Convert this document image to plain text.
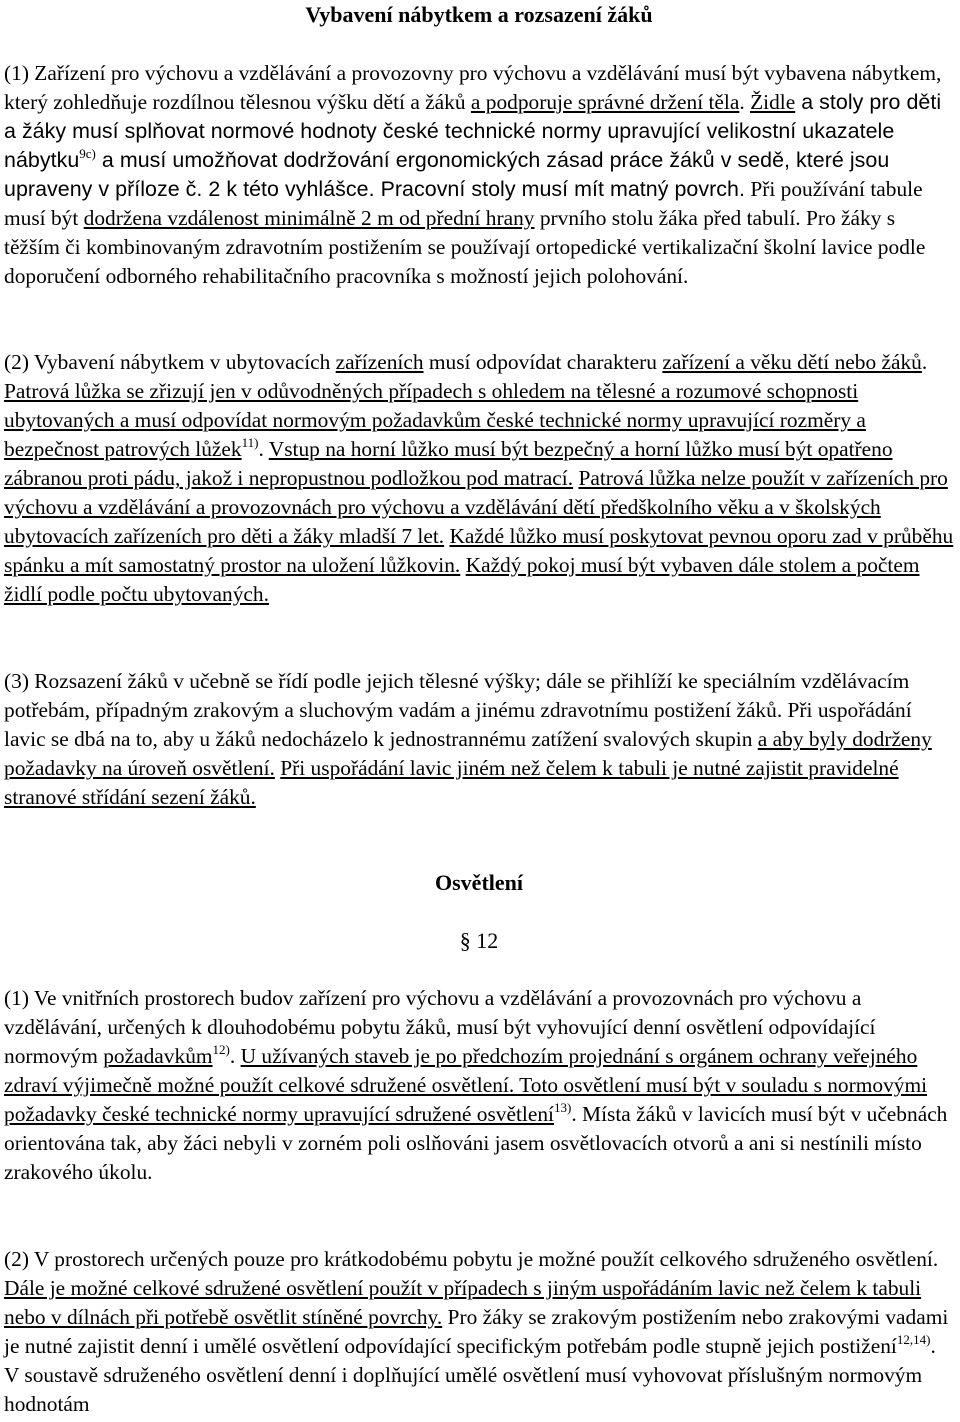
Vybavení nábytkem a rozsazení žáků

(1) Zařízení pro výchovu a vzdělávání a provozovny pro výchovu a vzdělávání musí být vybavena nábytkem, který zohledňuje rozdílnou tělesnou výšku dětí a žáků a podporuje správné držení těla. Židle a stoly pro děti a žáky musí splňovat normové hodnoty české technické normy upravující velikostní ukazatele nábytku$^{9c)}$ a musí umožňovat dodržování ergonomických zásad práce žáků v sedě, které jsou upraveny v příloze č. 2 k této vyhlášce. Pracovní stoly musí mít matný povrch. Při používání tabule musí být dodržena vzdálenost minimálně 2 m od přední hrany prvního stolu žáka před tabulí. Pro žáky s těžším či kombinovaným zdravotním postižením se používají ortopedické vertikalizační školní lavice podle doporučení odborného rehabilitačního pracovníka s možností jejich polohování.

(2) Vybavení nábytkem v ubytovacích zařízeních musí odpovídat charakteru zařízení a věku dětí nebo žáků. Patrová lůžka se zřizují jen v odůvodněných případech s ohledem na tělesné a rozumové schopnosti ubytovaných a musí odpovídat normovým požadavkům české technické normy upravující rozměry a bezpečnost patrových lůžek$^{11)}$. Vstup na horní lůžko musí být bezpečný a horní lůžko musí být opatřeno zábranou proti pádu, jakož i nepropustnou podložkou pod matrací. Patrová lůžka nelze použít v zařízeních pro výchovu a vzdělávání a provozovnách pro výchovu a vzdělávání dětí předškolního věku a v školských ubytovacích zařízeních pro děti a žáky mladší 7 let. Každé lůžko musí poskytovat pevnou oporu zad v průběhu spánku a mít samostatný prostor na uložení lůžkovin. Každý pokoj musí být vybaven dále stolem a počtem židlí podle počtu ubytovaných.

(3) Rozsazení žáků v učebně se řídí podle jejich tělesné výšky; dále se přihlíží ke speciálním vzdělávacím potřebám, případným zrakovým a sluchovým vadám a jinému zdravotnímu postižení žáků. Při uspořádání lavic se dbá na to, aby u žáků nedocházelo k jednostrannému zatížení svalových skupin a aby byly dodrženy požadavky na úroveň osvětlení. Při uspořádání lavic jiném než čelem k tabuli je nutné zajistit pravidelné stranové střídání sezení žáků.

Osvětlení
§ 12

(1) Ve vnitřních prostorech budov zařízení pro výchovu a vzdělávání a provozovnách pro výchovu a vzdělávání, určených k dlouhodobému pobytu žáků, musí být vyhovující denní osvětlení odpovídající normovým požadavkům$^{12)}$. U užívaných staveb je po předchozím projednání s orgánem ochrany veřejného zdraví výjimečně možné použít celkové sdružené osvětlení. Toto osvětlení musí být v souladu s normovými požadavky české technické normy upravující sdružené osvětlení$^{13)}$. Místa žáků v lavicích musí být v učebnách orientována tak, aby žáci nebyli v zorném poli oslňováni jasem osvětlovacích otvorů a ani si nestínili místo zrakového úkolu.

(2) V prostorech určených pouze pro krátkodobému pobytu je možné použít celkového sdruženého osvětlení. Dále je možné celkové sdružené osvětlení použít v případech s jiným uspořádáním lavic než čelem k tabuli nebo v dílnách při potřebě osvětlit stíněné povrchy. Pro žáky se zrakovým postižením nebo zrakovými vadami je nutné zajistit denní i umělé osvětlení odpovídající specifickým potřebám podle stupně jejich postižení$^{12,14)}$. V soustavě sdruženého osvětlení denní i doplňující umělé osvětlení musí vyhovovat příslušným normovým hodnotám
